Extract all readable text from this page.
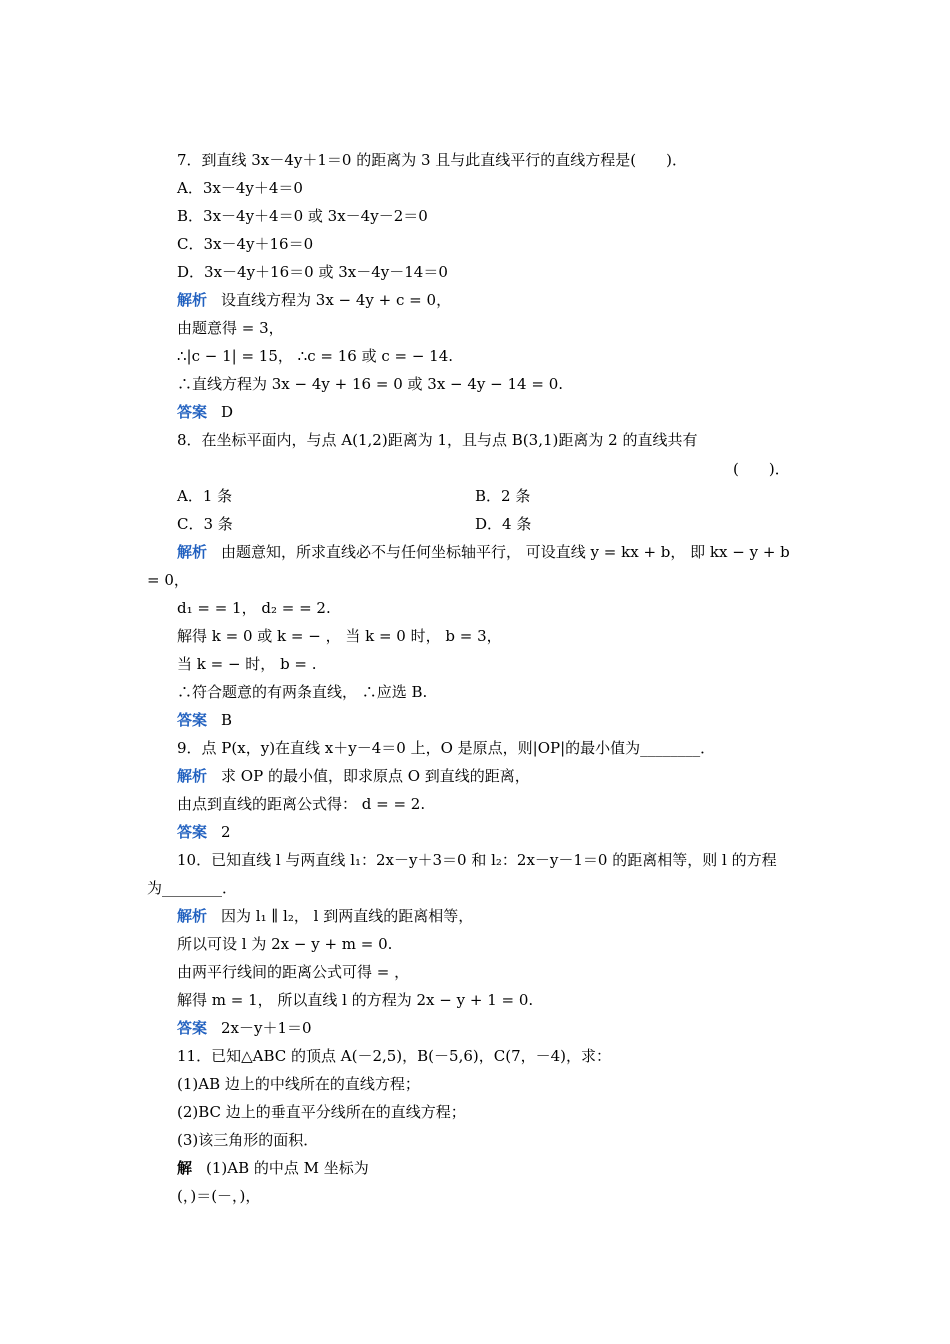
7．到直线 3x－4y＋1＝0 的距离为 3 且与此直线平行的直线方程是(　　)．
A．3x－4y＋4＝0
B．3x－4y＋4＝0 或 3x－4y－2＝0
C．3x－4y＋16＝0
D．3x－4y＋16＝0 或 3x－4y－14＝0
解析 设直线方程为 3x − 4y + c = 0，
由题意得 = 3，
∴|c − 1| = 15， ∴c = 16 或 c = − 14.
∴直线方程为 3x − 4y + 16 = 0 或 3x − 4y − 14 = 0.
答案 D
8．在坐标平面内，与点 A(1,2)距离为 1，且与点 B(3,1)距离为 2 的直线共有
(　　)．
A．1 条	B．2 条
C．3 条	D．4 条
解析 由题意知，所求直线必不与任何坐标轴平行， 可设直线 y = kx + b， 即 kx − y + b
= 0，
d₁ = = 1， d₂ = = 2.
解得 k = 0 或 k = − ， 当 k = 0 时， b = 3，
当 k = − 时， b = .
∴符合题意的有两条直线， ∴应选 B.
答案 B
9．点 P(x，y)在直线 x＋y－4＝0 上，O 是原点，则|OP|的最小值为________．
解析 求 OP 的最小值，即求原点 O 到直线的距离，
由点到直线的距离公式得： d = = 2.
答案 2
10．已知直线 l 与两直线 l₁：2x－y＋3＝0 和 l₂：2x－y－1＝0 的距离相等，则 l 的方程
为________．
解析 因为 l₁ ∥ l₂， l 到两直线的距离相等，
所以可设 l 为 2x − y + m = 0.
由两平行线间的距离公式可得 = ，
解得 m = 1， 所以直线 l 的方程为 2x − y + 1 = 0.
答案 2x－y＋1＝0
11．已知△ABC 的顶点 A(－2,5)，B(－5,6)，C(7，－4)，求：
(1)AB 边上的中线所在的直线方程；
(2)BC 边上的垂直平分线所在的直线方程；
(3)该三角形的面积．
解 (1)AB 的中点 M 坐标为
(，)＝(－，)，
